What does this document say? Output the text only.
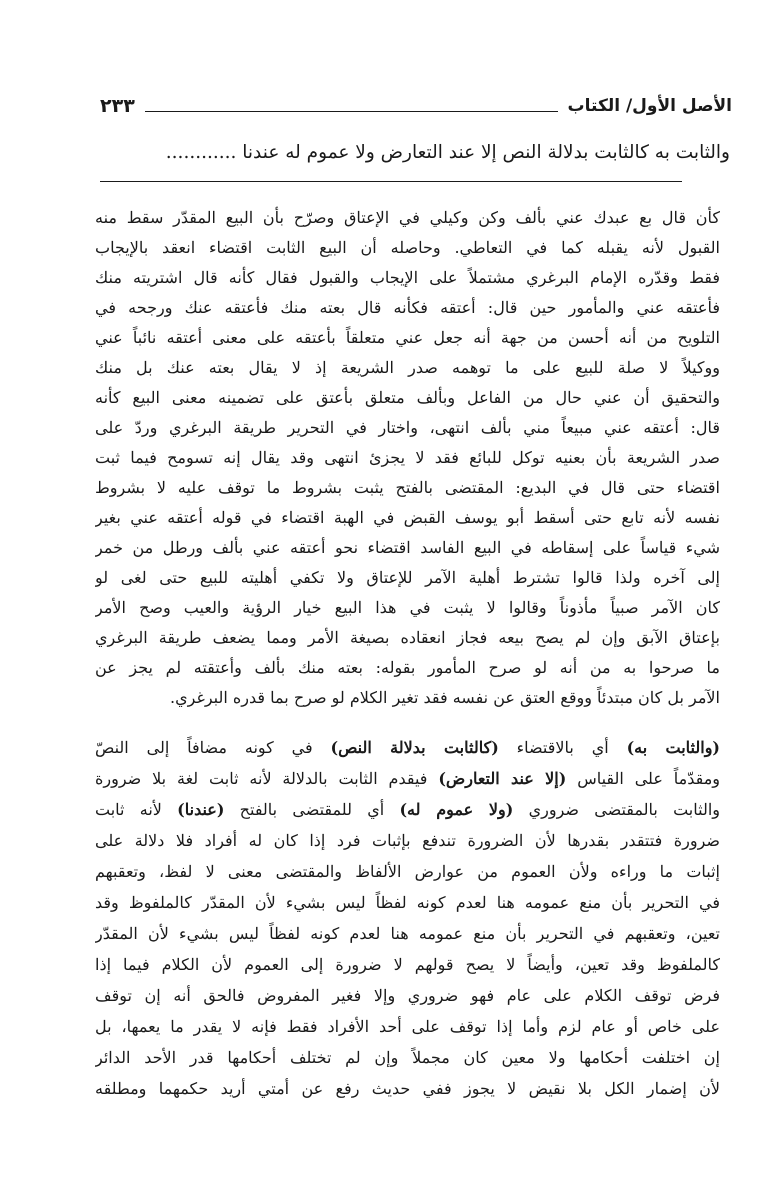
الأصل الأول/ الكتاب
٢٣٣
والثابت به كالثابت بدلالة النص إلا عند التعارض ولا عموم له عندنا ............
كأن قال بع عبدك عني بألف وكن وكيلي في الإعتاق وصرّح بأن البيع المقدّر سقط منه
القبول لأنه يقبله كما في التعاطي. وحاصله أن البيع الثابت اقتضاء انعقد بالإيجاب
فقط وقدّره الإمام البرغري مشتملاً على الإيجاب والقبول فقال كأنه قال اشتريته منك
فأعتقه عني والمأمور حين قال: أعتقه فكأنه قال بعته منك فأعتقه عنك ورجحه في
التلويح من أنه أحسن من جهة أنه جعل عني متعلقاً بأعتقه على معنى أعتقه نائباً عني
ووكيلاً لا صلة للبيع على ما توهمه صدر الشريعة إذ لا يقال بعته عنك بل منك
والتحقيق أن عني حال من الفاعل وبألف متعلق بأعتق على تضمينه معنى البيع كأنه
قال: أعتقه عني مبيعاً مني بألف انتهى، واختار في التحرير طريقة البرغري وردّ على
صدر الشريعة بأن بعنيه توكل للبائع فقد لا يجزئ انتهى وقد يقال إنه تسومح فيما ثبت
اقتضاء حتى قال في البديع: المقتضى بالفتح يثبت بشروط ما توقف عليه لا بشروط
نفسه لأنه تابع حتى أسقط أبو يوسف القبض في الهبة اقتضاء في قوله أعتقه عني بغير
شيء قياساً على إسقاطه في البيع الفاسد اقتضاء نحو أعتقه عني بألف ورطل من خمر
إلى آخره ولذا قالوا تشترط أهلية الآمر للإعتاق ولا تكفي أهليته للبيع حتى لغى لو
كان الآمر صبياً مأذوناً وقالوا لا يثبت في هذا البيع خيار الرؤية والعيب وصح الأمر
بإعتاق الآبق وإن لم يصح بيعه فجاز انعقاده بصيغة الأمر ومما يضعف طريقة البرغري
ما صرحوا به من أنه لو صرح المأمور بقوله: بعته منك بألف وأعتقته لم يجز عن
الآمر بل كان مبتدئاً ووقع العتق عن نفسه فقد تغير الكلام لو صرح بما قدره البرغري.
(والثابت به) أي بالاقتضاء (كالثابت بدلالة النص) في كونه مضافاً إلى النصّ
ومقدّماً على القياس (إلا عند التعارض) فيقدم الثابت بالدلالة لأنه ثابت لغة بلا ضرورة
والثابت بالمقتضى ضروري (ولا عموم له) أي للمقتضى بالفتح (عندنا) لأنه ثابت
ضرورة فتتقدر بقدرها لأن الضرورة تندفع بإثبات فرد إذا كان له أفراد فلا دلالة على
إثبات ما وراءه ولأن العموم من عوارض الألفاظ والمقتضى معنى لا لفظ، وتعقبهم
في التحرير بأن منع عمومه هنا لعدم كونه لفظاً ليس بشيء لأن المقدّر كالملفوظ وقد
تعين، وتعقبهم في التحرير بأن منع عمومه هنا لعدم كونه لفظاً ليس بشيء لأن المقدّر
كالملفوظ وقد تعين، وأيضاً لا يصح قولهم لا ضرورة إلى العموم لأن الكلام فيما إذا
فرض توقف الكلام على عام فهو ضروري وإلا فغير المفروض فالحق أنه إن توقف
على خاص أو عام لزم وأما إذا توقف على أحد الأفراد فقط فإنه لا يقدر ما يعمها، بل
إن اختلفت أحكامها ولا معين كان مجملاً وإن لم تختلف أحكامها قدر الأحد الدائر
لأن إضمار الكل بلا نقيض لا يجوز ففي حديث رفع عن أمتي أريد حكمهما ومطلقه
